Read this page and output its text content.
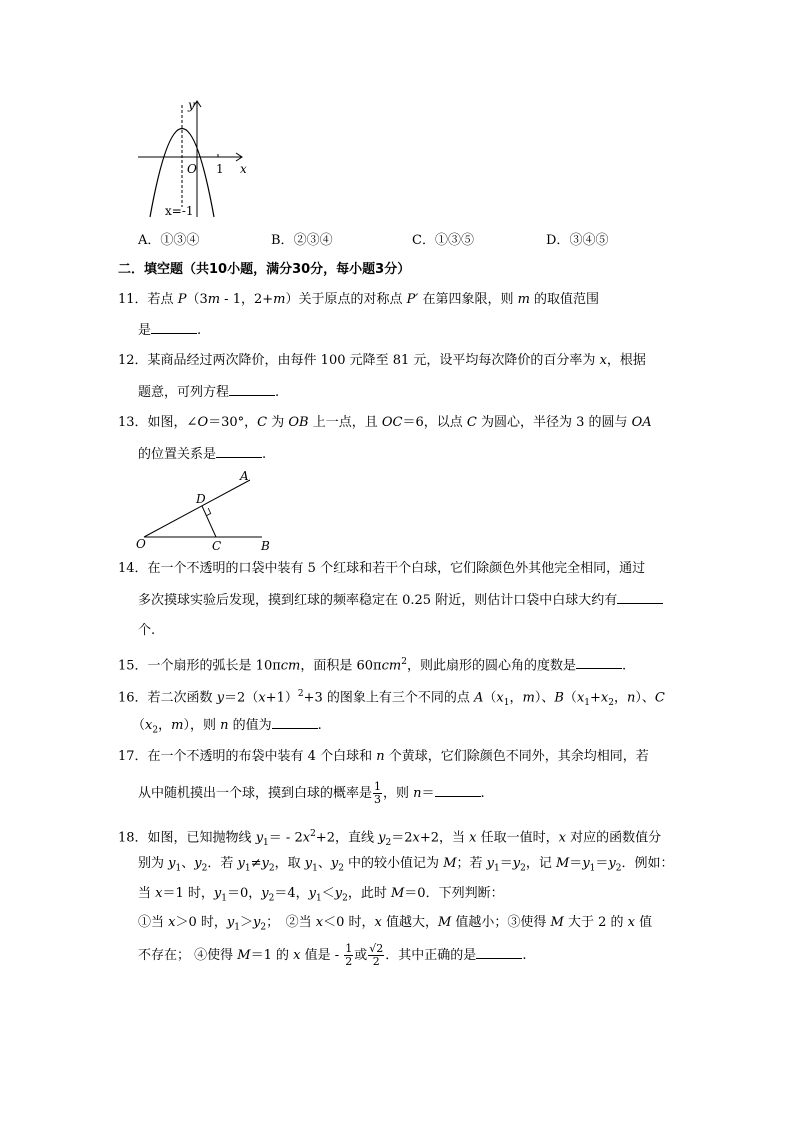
y
x
O 1
x=-1
A．①③④	B．②③④	C．①③⑤	D．③④⑤
二．填空题（共10小题，满分30分，每小题3分）
11．若点 P（3m - 1，2+m）关于原点的对称点 P′ 在第四象限，则 m 的取值范围
是	.
12．某商品经过两次降价，由每件 100 元降至 81 元，设平均每次降价的百分率为 x，根据
题意，可列方程	.
13．如图，∠O＝30°，C 为 OB 上一点，且 OC＝6，以点 C 为圆心，半径为 3 的圆与 OA
的位置关系是	.
A
D
O	C	B
14．在一个不透明的口袋中装有 5 个红球和若干个白球，它们除颜色外其他完全相同，通过
多次摸球实验后发现，摸到红球的频率稳定在 0.25 附近，则估计口袋中白球大约有
个.
15．一个扇形的弧长是 10πcm，面积是 60πcm$^2$，则此扇形的圆心角的度数是	.
16．若二次函数 $y=2(x+1)^2+3$ 的图象上有三个不同的点 $A(x_1$，m）、$B(x_1+x_2$，n）、C
（$x_2$，m），则 n 的值为	.
17．在一个不透明的布袋中装有 4 个白球和 n 个黄球，它们除颜色不同外，其余均相同，若
从中随机摸出一个球，摸到白球的概率是 $\frac{1}{3}$ ，则 n＝	.
18．如图，已知抛物线 $y_1= - 2x^2+2$，直线 $y_2=2x+2$，当 x 任取一值时，x 对应的函数值分
别为 $y_1$、$y_2$．若 $y_1\ne y_2$，取 $y_1$、$y_2$ 中的较小值记为 M；若 $y_1=y_2$，记 $M=y_1=y_2$．例如：
当 x＝1 时，$y_1=0$，$y_2=4$，$y_1<y_2$，此时 M＝0．下列判断：
①当 x＞0 时，$y_1>y_2$；　②当 x＜0 时，x 值越大，M 值越小；③使得 M 大于 2 的 x 值
不存在； ④使得 M＝1 的 x 值是 - $\frac{1}{2}$ 或 $\frac{√2}{2}$ ．其中正确的是	.
